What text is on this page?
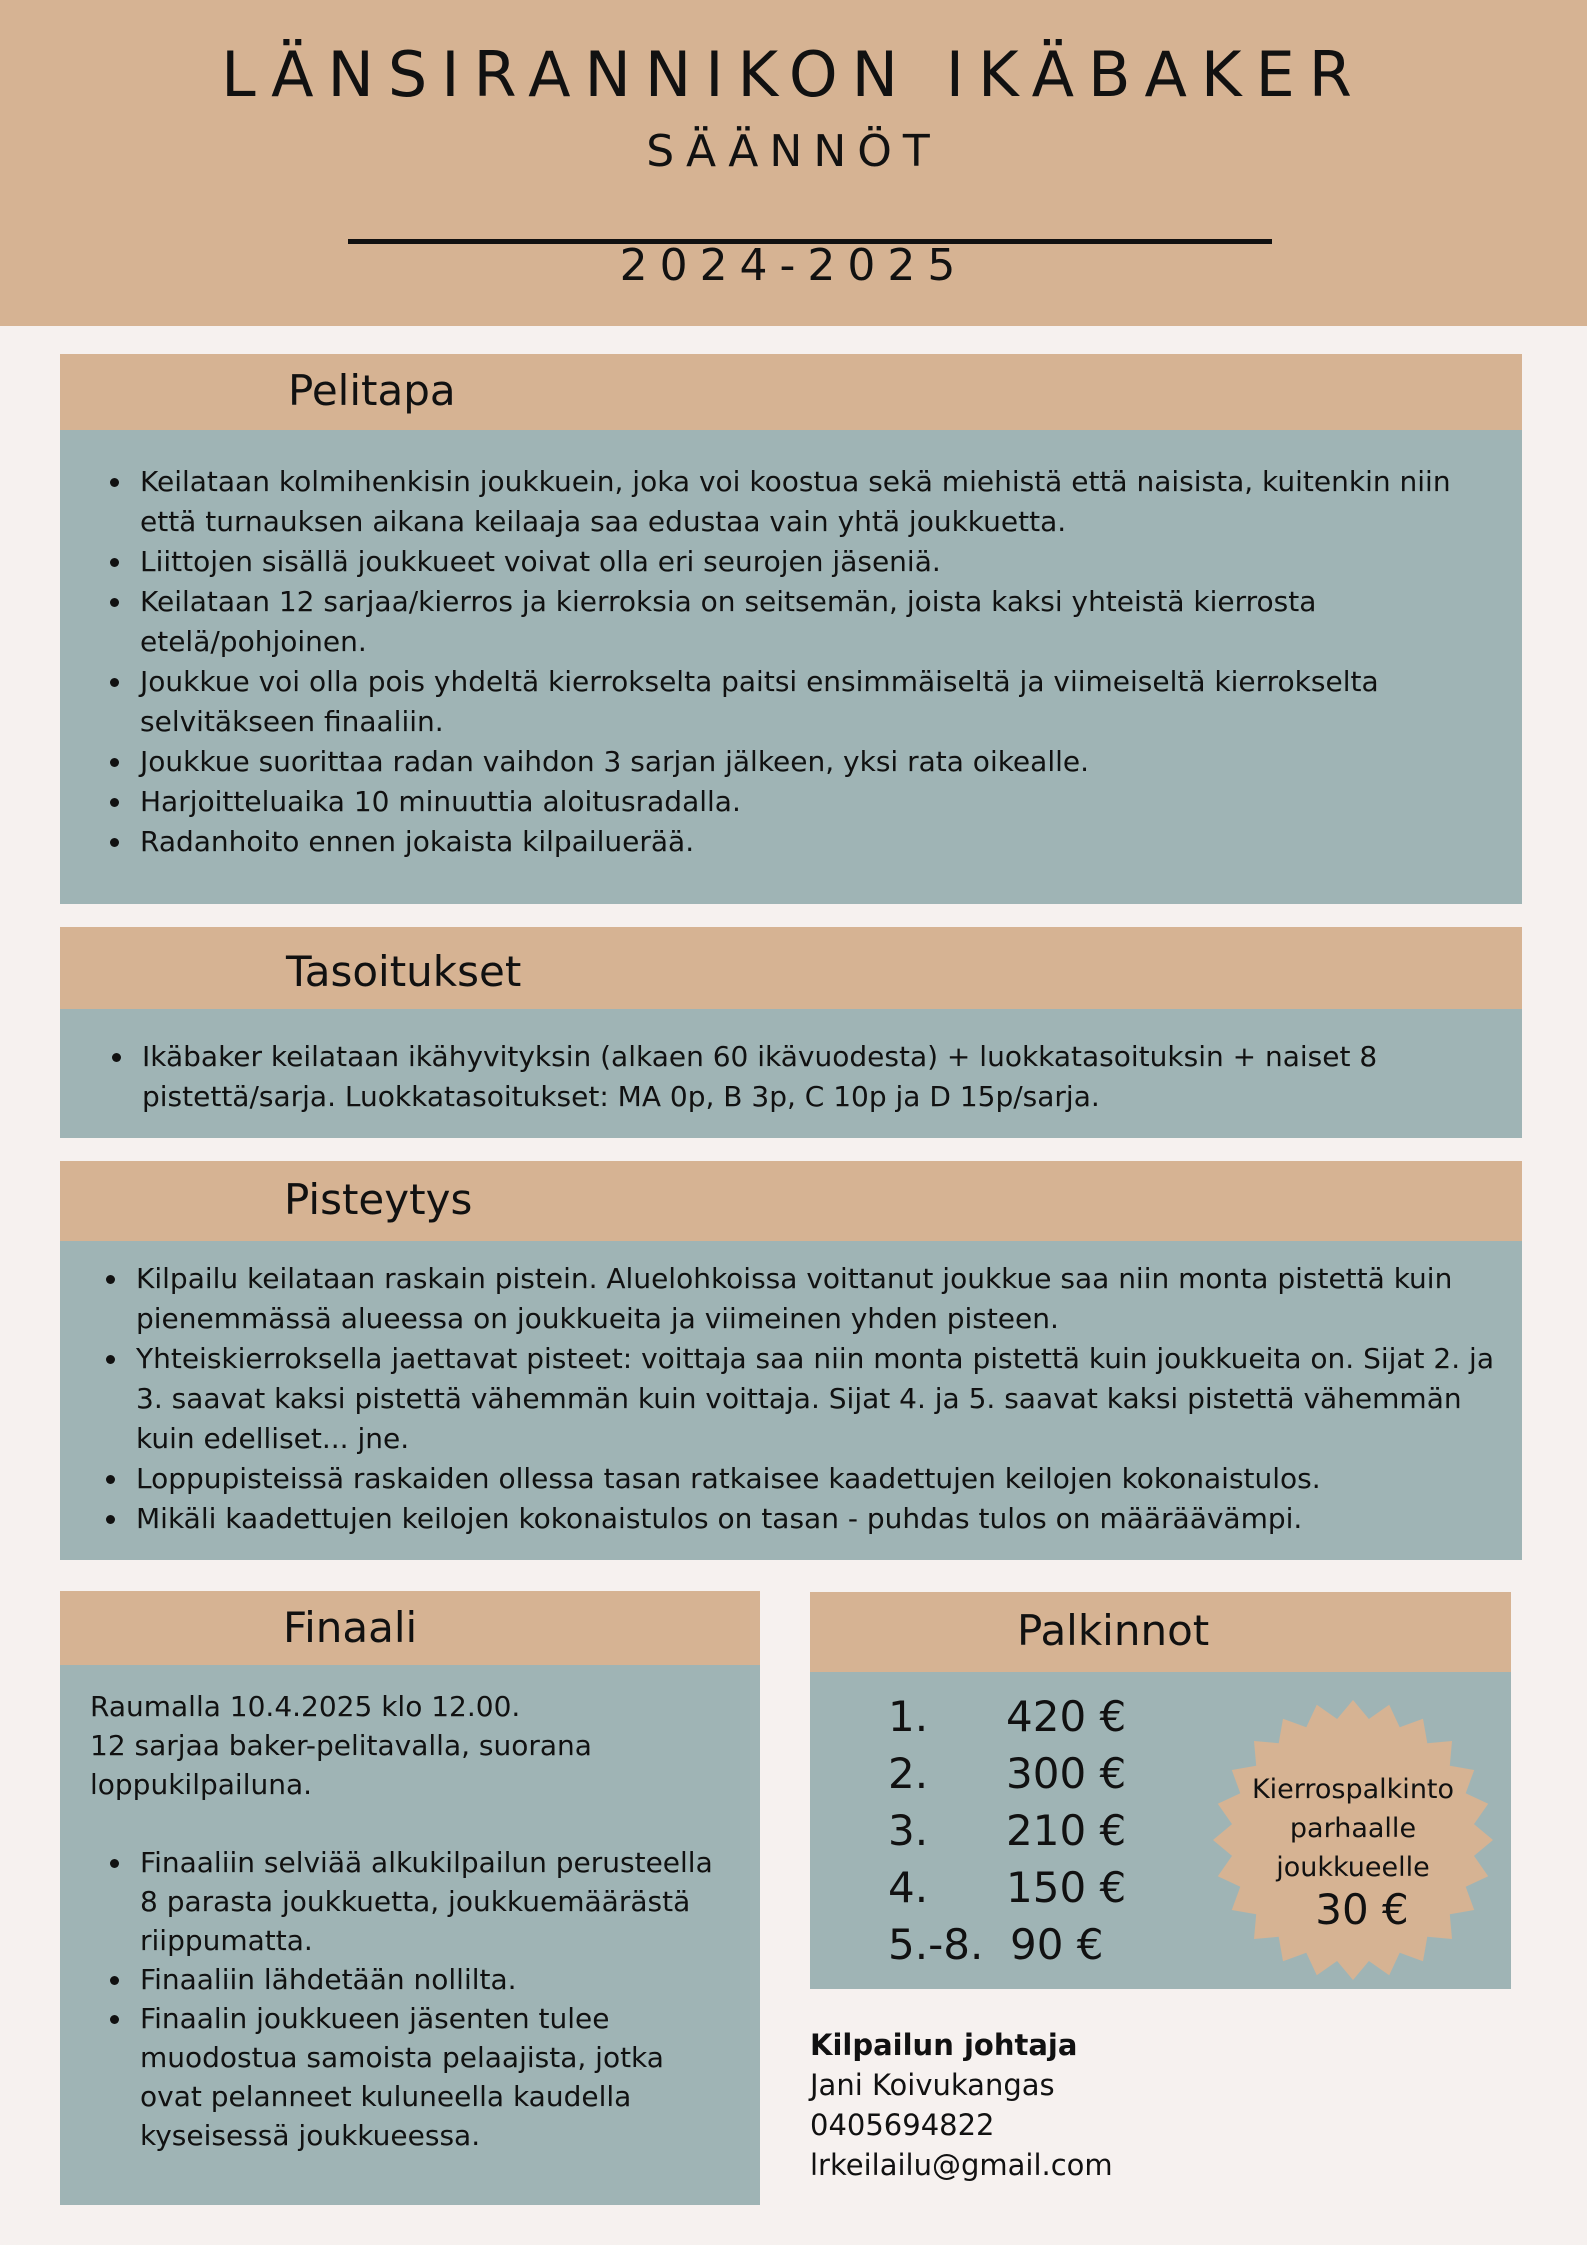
LÄNSIRANNIKON IKÄBAKER
SÄÄNNÖT
2024-2025
Pelitapa
Keilataan kolmihenkisin joukkuein, joka voi koostua sekä miehistä että naisista, kuitenkin niin että turnauksen aikana keilaaja saa edustaa vain yhtä joukkuetta.
Liittojen sisällä joukkueet voivat olla eri seurojen jäseniä.
Keilataan 12 sarjaa/kierros ja kierroksia on seitsemän, joista kaksi yhteistä kierrosta etelä/pohjoinen.
Joukkue voi olla pois yhdeltä kierrokselta paitsi ensimmäiseltä ja viimeiseltä kierrokselta selvitäkseen finaaliin.
Joukkue suorittaa radan vaihdon 3 sarjan jälkeen, yksi rata oikealle.
Harjoitteluaika 10 minuuttia aloitusradalla.
Radanhoito ennen jokaista kilpailuerää.
Tasoitukset
Ikäbaker keilataan ikähyvityksin (alkaen 60 ikävuodesta) + luokkatasoituksin + naiset 8 pistettä/sarja. Luokkatasoitukset: MA 0p, B 3p, C 10p ja D 15p/sarja.
Pisteytys
Kilpailu keilataan raskain pistein. Aluelohkoissa voittanut joukkue saa niin monta pistettä kuin pienemmässä alueessa on joukkueita ja viimeinen yhden pisteen.
Yhteiskierroksella jaettavat pisteet: voittaja saa niin monta pistettä kuin joukkueita on. Sijat 2. ja 3. saavat kaksi pistettä vähemmän kuin voittaja. Sijat 4. ja 5. saavat kaksi pistettä vähemmän kuin edelliset... jne.
Loppupisteissä raskaiden ollessa tasan ratkaisee kaadettujen keilojen kokonaistulos.
Mikäli kaadettujen keilojen kokonaistulos on tasan - puhdas tulos on määräävämpi.
Finaali
Raumalla 10.4.2025 klo 12.00.
12 sarjaa baker-pelitavalla, suorana loppukilpailuna.
Finaaliin selviää alkukilpailun perusteella 8 parasta joukkuetta, joukkuemäärästä riippumatta.
Finaaliin lähdetään nollilta.
Finaalin joukkueen jäsenten tulee muodostua samoista pelaajista, jotka ovat pelanneet kuluneella kaudella kyseisessä joukkueessa.
Palkinnot
1. 420 €
2. 300 €
3. 210 €
4. 150 €
5.-8. 90 €
Kierrospalkinto
parhaalle
joukkueelle
30 €
Kilpailun johtaja
Jani Koivukangas
0405694822
lrkeilailu@gmail.com
